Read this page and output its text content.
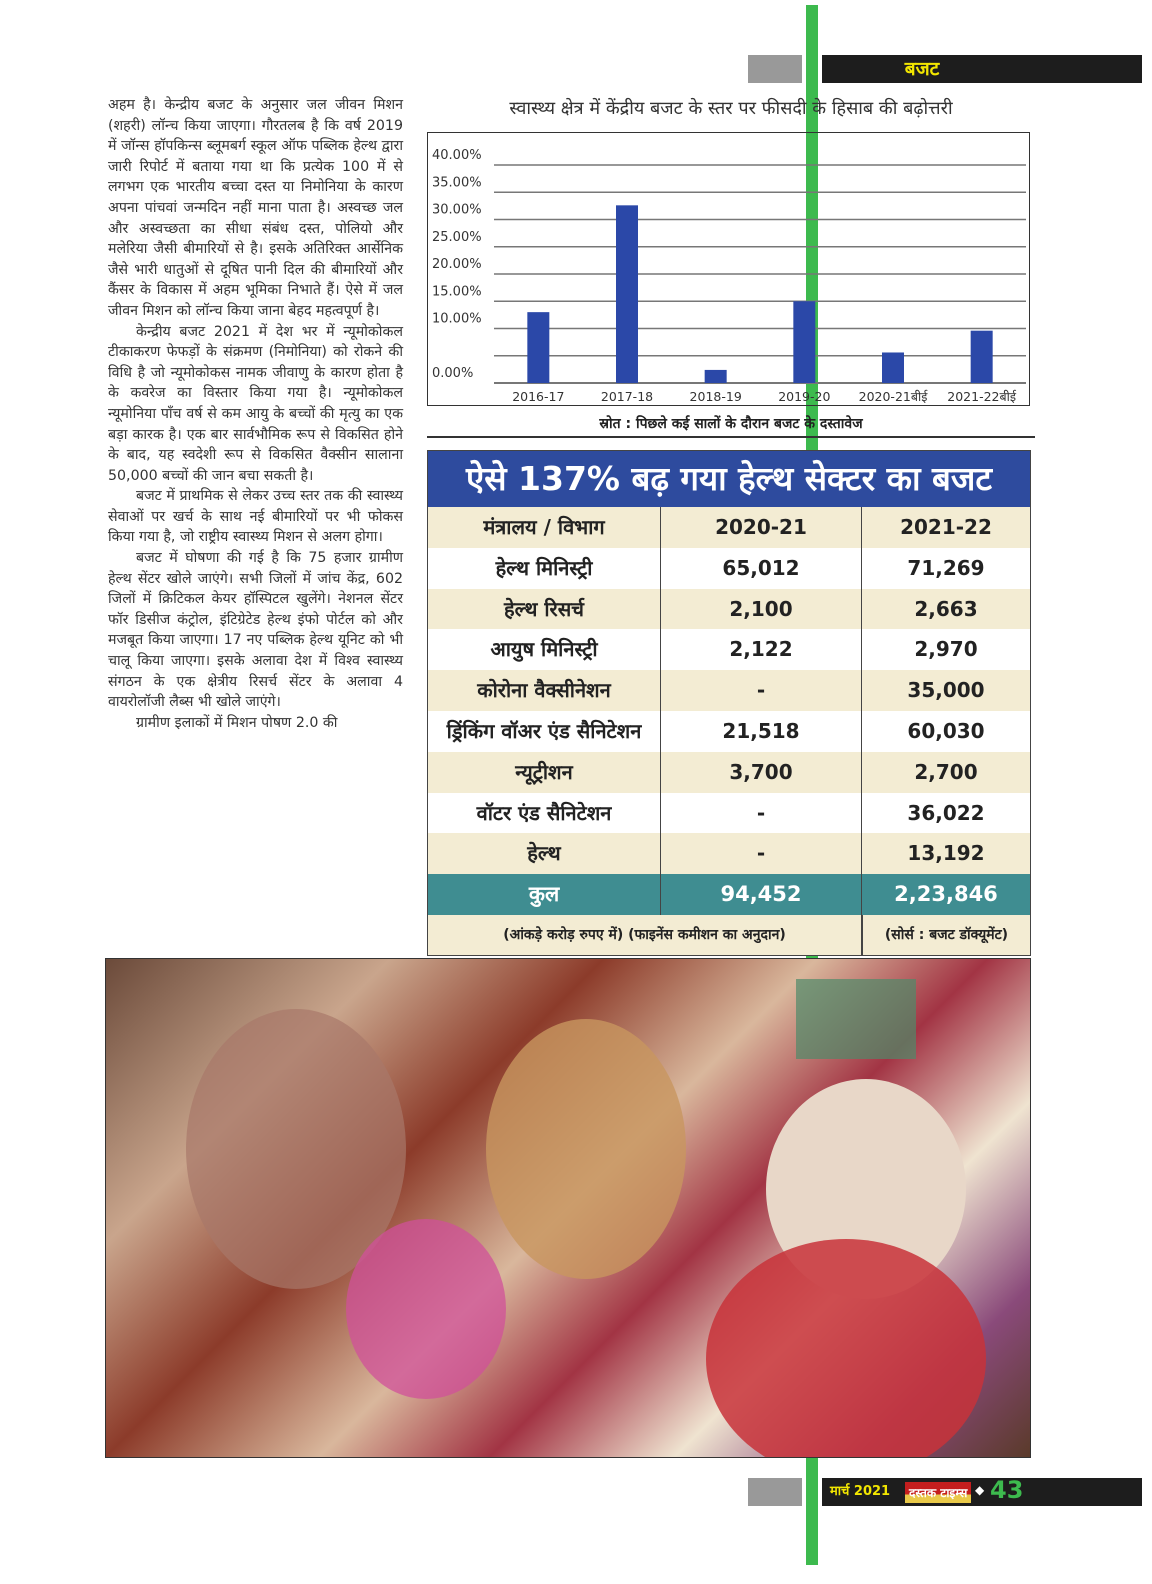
बजट

अहम है। केन्द्रीय बजट के अनुसार जल जीवन मिशन (शहरी) लॉन्च किया जाएगा। गौरतलब है कि वर्ष 2019 में जॉन्स हॉपकिन्स ब्लूमबर्ग स्कूल ऑफ पब्लिक हेल्थ द्वारा जारी रिपोर्ट में बताया गया था कि प्रत्येक 100 में से लगभग एक भारतीय बच्चा दस्त या निमोनिया के कारण अपना पांचवां जन्मदिन नहीं माना पाता है। अस्वच्छ जल और अस्वच्छता का सीधा संबंध दस्त, पोलियो और मलेरिया जैसी बीमारियों से है। इसके अतिरिक्त आर्सेनिक जैसे भारी धातुओं से दूषित पानी दिल की बीमारियों और कैंसर के विकास में अहम भूमिका निभाते हैं। ऐसे में जल जीवन मिशन को लॉन्च किया जाना बेहद महत्वपूर्ण है।

केन्द्रीय बजट 2021 में देश भर में न्यूमोकोकल टीकाकरण फेफड़ों के संक्रमण (निमोनिया) को रोकने की विधि है जो न्यूमोकोकस नामक जीवाणु के कारण होता है के कवरेज का विस्तार किया गया है। न्यूमोकोकल न्यूमोनिया पाँच वर्ष से कम आयु के बच्चों की मृत्यु का एक बड़ा कारक है। एक बार सार्वभौमिक रूप से विकसित होने के बाद, यह स्वदेशी रूप से विकसित वैक्सीन सालाना 50,000 बच्चों की जान बचा सकती है।

बजट में प्राथमिक से लेकर उच्च स्तर तक की स्वास्थ्य सेवाओं पर खर्च के साथ नई बीमारियों पर भी फोकस किया गया है, जो राष्ट्रीय स्वास्थ्य मिशन से अलग होगा।

बजट में घोषणा की गई है कि 75 हजार ग्रामीण हेल्थ सेंटर खोले जाएंगे। सभी जिलों में जांच केंद्र, 602 जिलों में क्रिटिकल केयर हॉस्पिटल खुलेंगे। नेशनल सेंटर फॉर डिसीज कंट्रोल, इंटिग्रेटेड हेल्थ इंफो पोर्टल को और मजबूत किया जाएगा। 17 नए पब्लिक हेल्थ यूनिट को भी चालू किया जाएगा। इसके अलावा देश में विश्व स्वास्थ्य संगठन के एक क्षेत्रीय रिसर्च सेंटर के अलावा 4 वायरोलॉजी लैब्स भी खोले जाएंगे।

ग्रामीण इलाकों में मिशन पोषण 2.0 की

स्वास्थ्य क्षेत्र में केंद्रीय बजट के स्तर पर फीसदी के हिसाब की बढ़ोत्तरी
40.00%
35.00%
30.00%
25.00%
20.00%
15.00%
10.00%
0.00%
2016-17	2017-18	2018-19	2019-20 2020-21बीई 2021-22बीई
स्रोत : पिछले कई सालों के दौरान बजट के दस्तावेज
ऐसे 137% बढ़ गया हेल्थ सेक्टर का बजट
मंत्रालय / विभाग	2020-21	2021-22
हेल्थ मिनिस्ट्री	65,012	71,269
हेल्थ रिसर्च	2,100	2,663
आयुष मिनिस्ट्री	2,122	2,970
कोरोना वैक्सीनेशन	-	35,000
ड्रिंकिंग वॉअर एंड सैनिटेशन	21,518	60,030
न्यूट्रीशन	3,700	2,700
वॉटर एंड सैनिटेशन	-	36,022
हेल्थ	-	13,192
कुल	94,452	2,23,846
(आंकड़े करोड़ रुपए में) (फाइनेंस कमीशन का अनुदान)	(सोर्स : बजट डॉक्यूमेंट)
मार्च 2021	दस्तक टाइम्स ◆ 43
